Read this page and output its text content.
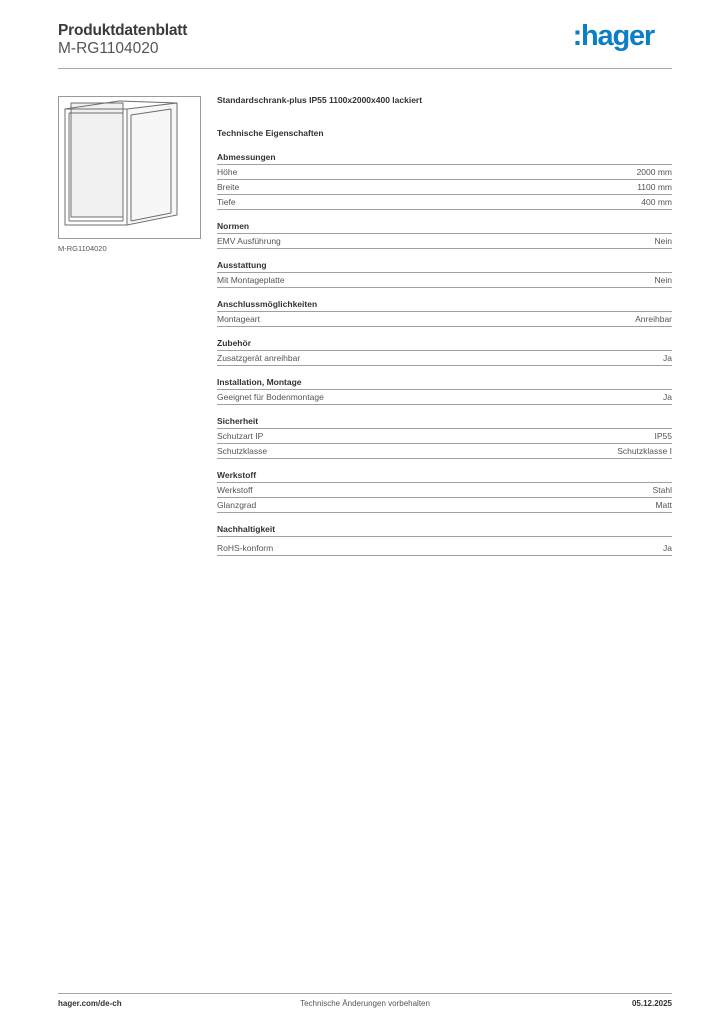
Produktdatenblatt
M-RG1104020	:hager
M-RG1104020
Standardschrank-plus IP55 1100x2000x400 lackiert
Technische Eigenschaften
Abmessungen
Höhe	2000 mm
Breite	1100 mm
Tiefe	400 mm
Normen
EMV Ausführung	Nein
Ausstattung
Mit Montageplatte	Nein
Anschlussmöglichkeiten
Montageart	Anreihbar
Zubehör
Zusatzgerät anreihbar	Ja
Installation, Montage
Geeignet für Bodenmontage	Ja
Sicherheit
Schutzart IP	IP55
Schutzklasse	Schutzklasse I
Werkstoff
Werkstoff	Stahl
Glanzgrad	Matt
Nachhaltigkeit
RoHS-konform	Ja
hager.com/de-ch	Technische Änderungen vorbehalten	05.12.2025
